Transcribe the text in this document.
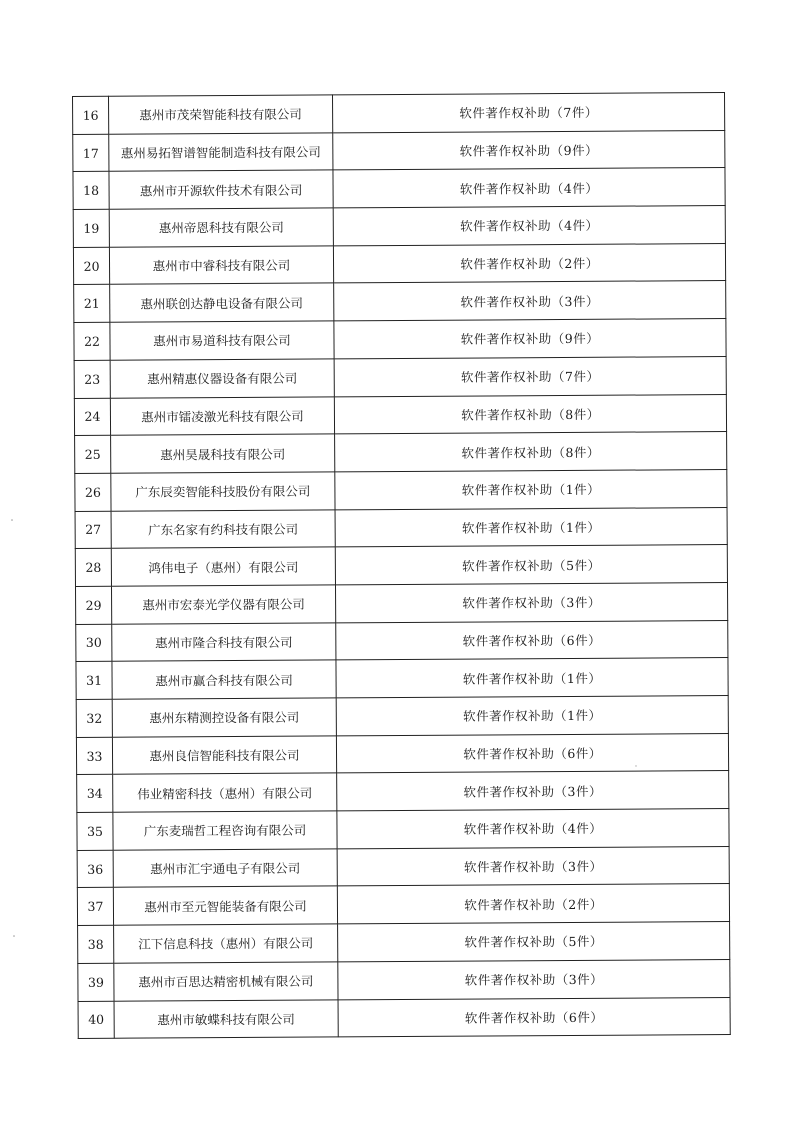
16	惠州市茂荣智能科技有限公司	软件著作权补助（7件）
17	惠州易拓智谱智能制造科技有限公司	软件著作权补助（9件）
18	惠州市开源软件技术有限公司	软件著作权补助（4件）
19	惠州帝恩科技有限公司	软件著作权补助（4件）
20	惠州市中睿科技有限公司	软件著作权补助（2件）
21	惠州联创达静电设备有限公司	软件著作权补助（3件）
22	惠州市易道科技有限公司	软件著作权补助（9件）
23	惠州精惠仪器设备有限公司	软件著作权补助（7件）
24	惠州市镭凌激光科技有限公司	软件著作权补助（8件）
25	惠州昊晟科技有限公司	软件著作权补助（8件）
26	广东辰奕智能科技股份有限公司	软件著作权补助（1件）
27	广东名家有约科技有限公司	软件著作权补助（1件）
28	鸿伟电子（惠州）有限公司	软件著作权补助（5件）
29	惠州市宏泰光学仪器有限公司	软件著作权补助（3件）
30	惠州市隆合科技有限公司	软件著作权补助（6件）
31	惠州市赢合科技有限公司	软件著作权补助（1件）
32	惠州东精测控设备有限公司	软件著作权补助（1件）
33	惠州良信智能科技有限公司	软件著作权补助（6件）
34	伟业精密科技（惠州）有限公司	软件著作权补助（3件）
35	广东麦瑞哲工程咨询有限公司	软件著作权补助（4件）
36	惠州市汇宇通电子有限公司	软件著作权补助（3件）
37	惠州市至元智能装备有限公司	软件著作权补助（2件）
38	江下信息科技（惠州）有限公司	软件著作权补助（5件）
39	惠州市百思达精密机械有限公司	软件著作权补助（3件）
40	惠州市敏蝶科技有限公司	软件著作权补助（6件）
